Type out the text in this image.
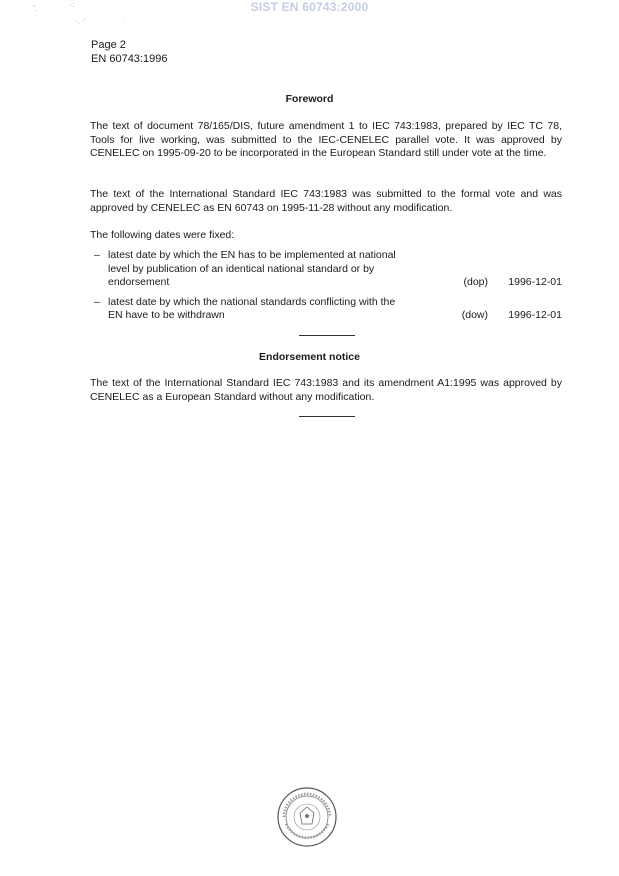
SIST EN 60743:2000
ˇ.
·:
·, ·'	·
Page 2
EN 60743:1996
Foreword
The text of document 78/165/DIS, future amendment 1 to IEC 743:1983, prepared by IEC TC 78, Tools for live working, was submitted to the IEC-CENELEC parallel vote. It was approved by CENELEC on 1995-09-20 to be incorporated in the European Standard still under vote at the time.
The text of the International Standard IEC 743:1983 was submitted to the formal vote and was approved by CENELEC as EN 60743 on 1995-11-28 without any modification.
The following dates were fixed:
– latest date by which the EN has to be implemented at national level by publication of an identical national standard or by endorsement	(dop) 1996-12-01
– latest date by which the national standards conflicting with the EN have to be withdrawn	(dow) 1996-12-01
Endorsement notice
The text of the International Standard IEC 743:1983 and its amendment A1:1995 was approved by CENELEC as a European Standard without any modification.
